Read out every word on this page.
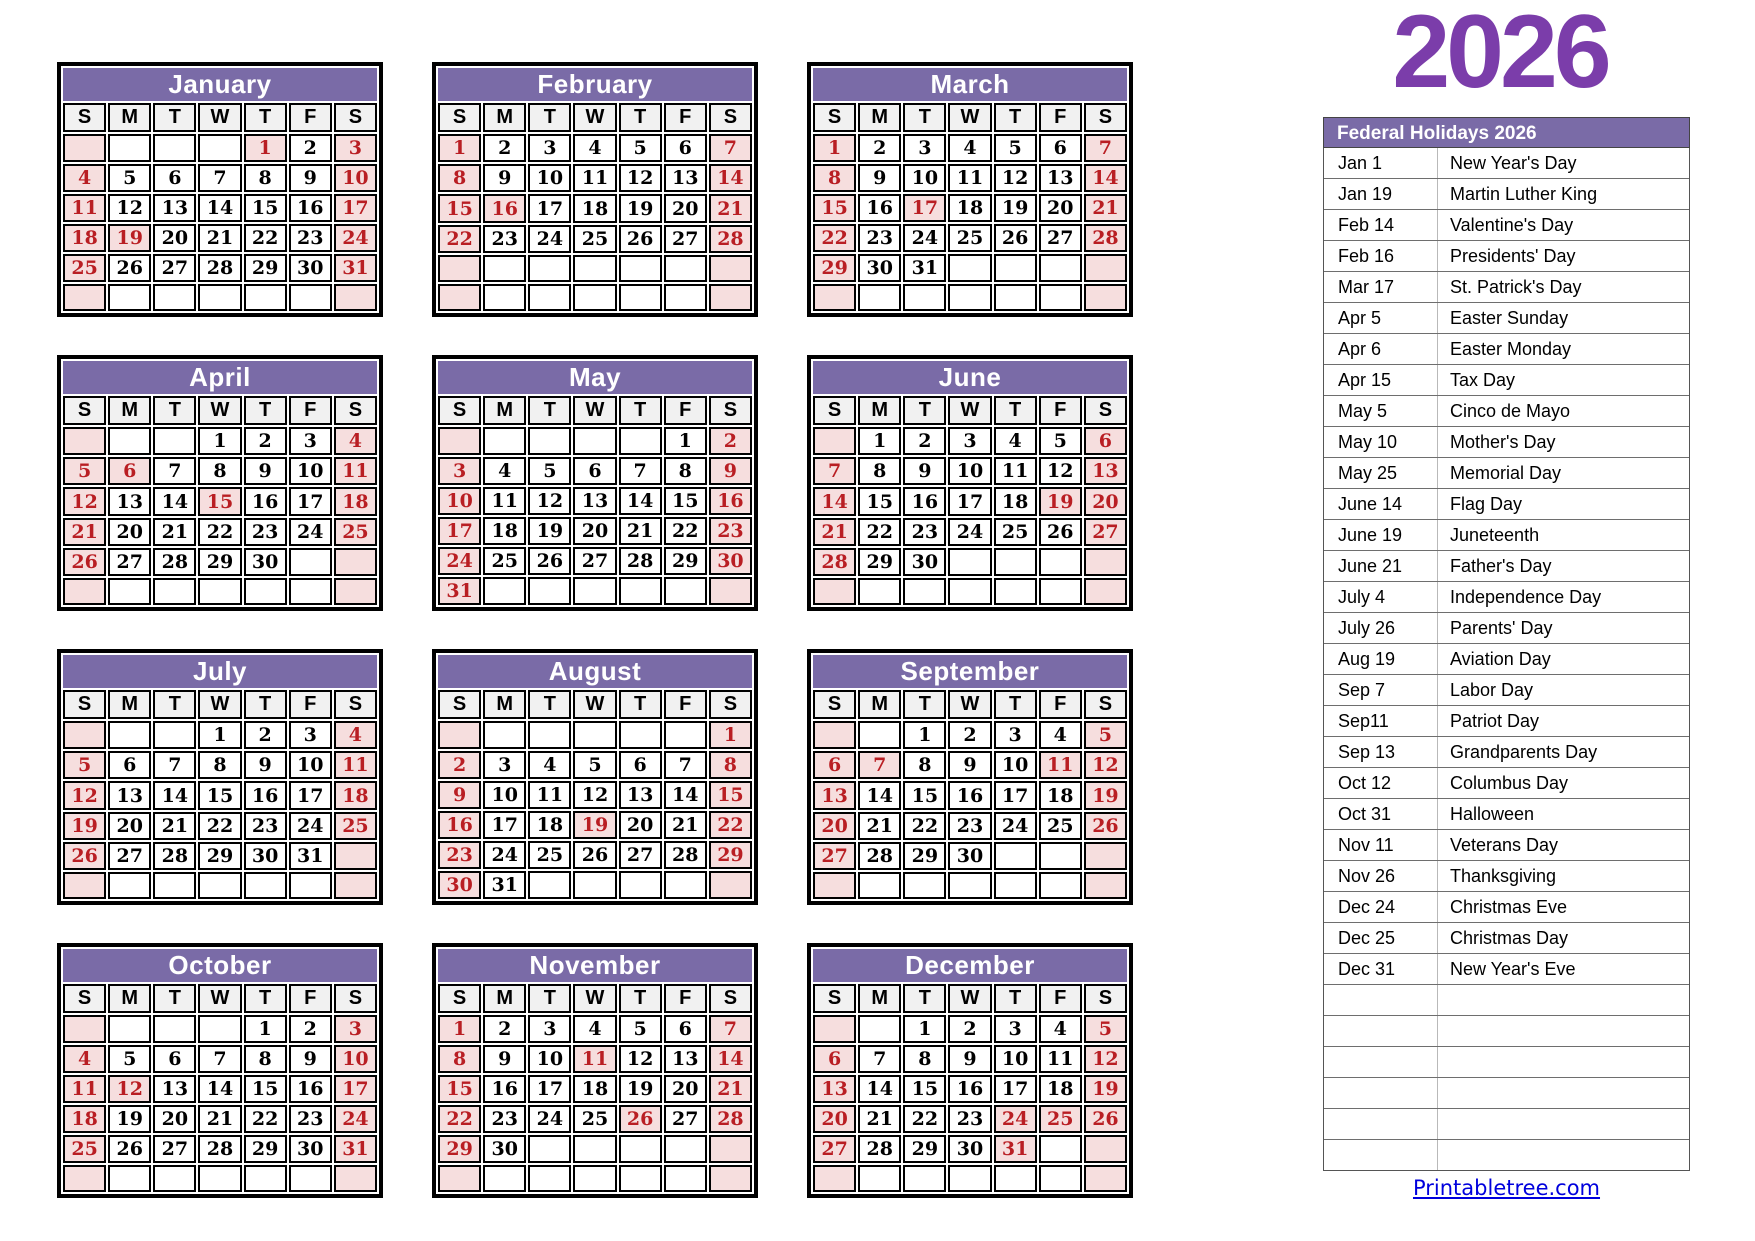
2026
January						
S	M	T	W	T	F	S
				1	2	3
4	5	6	7	8	9	10
11	12	13	14	15	16	17
18	19	20	21	22	23	24
25	26	27	28	29	30	31

February						
S	M	T	W	T	F	S
1	2	3	4	5	6	7
8	9	10	11	12	13	14
15	16	17	18	19	20	21
22	23	24	25	26	27	28

March						
S	M	T	W	T	F	S
1	2	3	4	5	6	7
8	9	10	11	12	13	14
15	16	17	18	19	20	21
22	23	24	25	26	27	28
29	30	31				

April						
S	M	T	W	T	F	S
			1	2	3	4
5	6	7	8	9	10	11
12	13	14	15	16	17	18
21	20	21	22	23	24	25
26	27	28	29	30		

May						
S	M	T	W	T	F	S
					1	2
3	4	5	6	7	8	9
10	11	12	13	14	15	16
17	18	19	20	21	22	23
24	25	26	27	28	29	30
31						
June						
S	M	T	W	T	F	S
	1	2	3	4	5	6
7	8	9	10	11	12	13
14	15	16	17	18	19	20
21	22	23	24	25	26	27
28	29	30				

July						
S	M	T	W	T	F	S
			1	2	3	4
5	6	7	8	9	10	11
12	13	14	15	16	17	18
19	20	21	22	23	24	25
26	27	28	29	30	31	

August						
S	M	T	W	T	F	S
						1
2	3	4	5	6	7	8
9	10	11	12	13	14	15
16	17	18	19	20	21	22
23	24	25	26	27	28	29
30	31					
September						
S	M	T	W	T	F	S
		1	2	3	4	5
6	7	8	9	10	11	12
13	14	15	16	17	18	19
20	21	22	23	24	25	26
27	28	29	30			

October						
S	M	T	W	T	F	S
				1	2	3
4	5	6	7	8	9	10
11	12	13	14	15	16	17
18	19	20	21	22	23	24
25	26	27	28	29	30	31

November						
S	M	T	W	T	F	S
1	2	3	4	5	6	7
8	9	10	11	12	13	14
15	16	17	18	19	20	21
22	23	24	25	26	27	28
29	30					

December						
S	M	T	W	T	F	S
		1	2	3	4	5
6	7	8	9	10	11	12
13	14	15	16	17	18	19
20	21	22	23	24	25	26
27	28	29	30	31		

Federal Holidays 2026
Jan 1	New Year's Day
Jan 19	Martin Luther King
Feb 14	Valentine's Day
Feb 16	Presidents' Day
Mar 17	St. Patrick's Day
Apr 5	Easter Sunday
Apr 6	Easter Monday
Apr 15	Tax Day
May 5	Cinco de Mayo
May 10	Mother's Day
May 25	Memorial Day
June 14	Flag Day
June 19	Juneteenth
June 21	Father's Day
July 4	Independence Day
July 26	Parents' Day
Aug 19	Aviation Day
Sep 7	Labor Day
Sep11	Patriot Day
Sep 13	Grandparents Day
Oct 12	Columbus Day
Oct 31	Halloween
Nov 11	Veterans Day
Nov 26	Thanksgiving
Dec 24	Christmas Eve
Dec 25	Christmas Day
Dec 31	New Year's Eve
Printabletree.com
